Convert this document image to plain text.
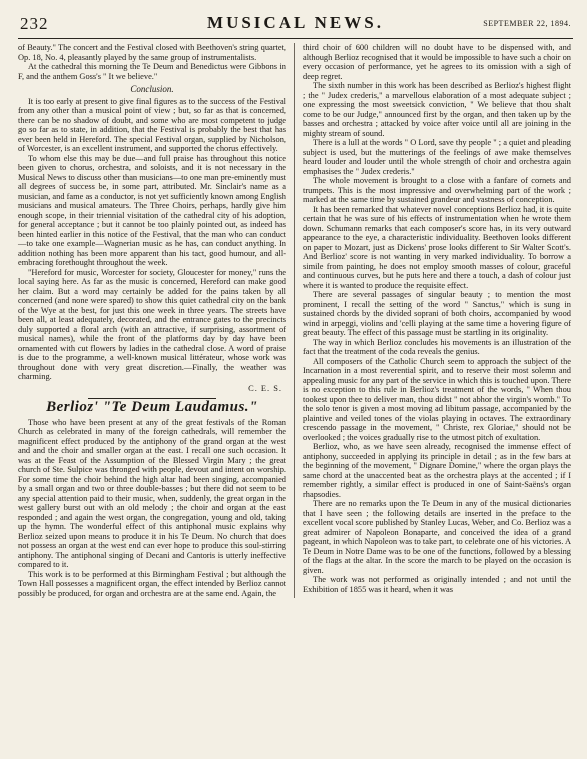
232	MUSICAL NEWS.	SEPTEMBER 22, 1894.

of Beauty." The concert and the Festival closed with Beethoven's string quartet, Op. 18, No. 4, pleasantly played by the same group of instrumentalists.

At the cathedral this morning the Te Deum and Benedictus were Gibbons in F, and the anthem Goss's " It we believe."

Conclusion.

It is too early at present to give final figures as to the success of the Festival from any other than a musical point of view ; but, so far as that is concerned, there can be no shadow of doubt, and some who are most competent to judge go so far as to state, in addition, that the Festival is probably the best that has ever been held in Hereford. The special Festival organ, supplied by Nicholson, of Worcester, is an excellent instrument, and supported the chorus effectively.

To whom else this may be due—and full praise has throughout this notice been given to chorus, orchestra, and soloists, and it is not necessary in the Musical News to discuss other than musicians—to one man pre-eminently must all degrees of success be, in some part, attributed. Mr. Sinclair's name as a musician, and fame as a conductor, is not yet sufficiently known among English musicians and musical amateurs. The Three Choirs, perhaps, hardly give him enough scope, in their triennial visitation of the cathedral city of his adoption, for general acceptance ; but it cannot be too plainly pointed out, as indeed has been hinted earlier in this notice of the Festival, that the man who can conduct—to take one example—Wagnerian music as he has, can conduct anything. In addition nothing has been more apparent than his tact, good humour, and all-embracing forethought throughout the week.

"Hereford for music, Worcester for society, Gloucester for money," runs the local saying here. As far as the music is concerned, Hereford can make good her claim. But a word may certainly be added for the pains taken by all concerned (and none were spared) to show this quiet cathedral city on the bank of the Wye at the best, for just this one week in three years. The streets have been all, at least adequately, decorated, and the entrance gates to the precincts duly supported a floral arch (with an attractive, if surprising, assortment of musical names), while the front of the platforms day by day have been ornamented with cut flowers by ladies in the cathedral close. A word of praise is due to the programme, a well-known musical littérateur, whose work was throughout done with very great discretion.—Finally, the weather was charming.

C. E. S.
Berlioz' "Te Deum Laudamus."

Those who have been present at any of the great festivals of the Roman Church as celebrated in many of the foreign cathedrals, will remember the magnificent effect produced by the antiphony of the grand organ at the west and and the choir and smaller organ at the east. I recall one such occasion. It was at the Feast of the Assumption of the Blessed Virgin Mary ; the great church of Ste. Sulpice was thronged with people, devout and intent on worship. For some time the choir behind the high altar had been singing, accompanied by a small organ and two or three double-basses ; but there did not seem to be any special attention paid to their music, when, suddenly, the great organ in the west gallery burst out with an old melody ; the choir and organ at the east responded ; and again the west organ, the congregation, young and old, taking up the hymn. The wonderful effect of this antiphonal music explains why Berlioz seized upon means to produce it in his Te Deum. No church that does not possess an organ at the west end can ever hope to produce this soul-stirring antiphony. The antiphonal singing of Decani and Cantoris is utterly ineffective compared to it.

This work is to be performed at this Birmingham Festival ; but although the Town Hall possesses a magnificent organ, the effect intended by Berlioz cannot possibly be produced, for organ and orchestra are at the same end. Again, the

third choir of 600 children will no doubt have to be dispensed with, and although Berlioz recognised that it would be impossible to have such a choir on every occasion of performance, yet he agrees to its omission with a sigh of deep regret.

The sixth number in this work has been described as Berlioz's highest flight ; the " Judex crederis," a marvellous elaboration of a most adequate subject ; one expressing the most sweetsick conviction, " We believe that thou shalt come to be our Judge," announced first by the organ, and then taken up by the basses and orchestra ; attacked by voice after voice until all are joining in the mighty stream of sound.

There is a lull at the words " O Lord, save thy people " ; a quiet and pleading subject is used, but the mutterings of the feelings of awe make themselves heard louder and louder until the whole strength of choir and orchestra again emphasises the " Judex crederis."

The whole movement is brought to a close with a fanfare of cornets and trumpets. This is the most impressive and overwhelming part of the work ; marked at the same time by sustained grandeur and vastness of conception.

It has been remarked that whatever novel conceptions Berlioz had, it is quite certain that he was sure of his effects of instrumentation when he wrote them down. Schumann remarks that each composer's score has, in its very outward appearance to the eye, a characteristic individuality. Beethoven looks different on paper to Mozart, just as Dickens' prose looks different to Sir Walter Scott's. And Berlioz' score is not wanting in very marked individuality. To borrow a simile from painting, he does not employ smooth masses of colour, graceful and continuous curves, but he puts here and there a touch, a dash of colour just where it is wanted to produce the requisite effect.

There are several passages of singular beauty ; to mention the most prominent, I recall the setting of the word " Sanctus," which is sung in sustained chords by the divided soprani of both choirs, accompanied by wood wind in arpeggi, violins and 'celli playing at the same time a hovering figure of great beauty. The effect of this passage must be startling in its originality.

The way in which Berlioz concludes his movements is an illustration of the fact that the treatment of the coda reveals the genius.

All composers of the Catholic Church seem to approach the subject of the Incarnation in a most reverential spirit, and to reserve their most solemn and appealing music for any part of the service in which this is touched upon. There is no exception to this rule in Berlioz's treatment of the words, " When thou tookest upon thee to deliver man, thou didst " not abhor the virgin's womb." To the solo tenor is given a most moving ad libitum passage, accompanied by the plaintive and veiled tones of the violas playing in octaves. The extraordinary crescendo passage in the movement, " Christe, rex Gloriae," should not be overlooked ; the voices gradually rise to the utmost pitch of exultation.

Berlioz, who, as we have seen already, recognised the immense effect of antiphony, succeeded in applying its principle in detail ; as in the few bars at the beginning of the movement, " Dignare Domine," where the organ plays the same chord at the unaccented beat as the orchestra plays at the accented ; if I remember rightly, a similar effect is produced in one of Saint-Saëns's organ rhapsodies.

There are no remarks upon the Te Deum in any of the musical dictionaries that I have seen ; the following details are inserted in the preface to the excellent vocal score published by Stanley Lucas, Weber, and Co. Berlioz was a great admirer of Napoleon Bonaparte, and conceived the idea of a grand pageant, in which Napoleon was to take part, to celebrate one of his victories. A Te Deum in Notre Dame was to be one of the functions, followed by a blessing of the flags at the altar. In the score the march to be played on the occasion is given.

The work was not performed as originally intended ; and not until the Exhibition of 1855 was it heard, when it was
